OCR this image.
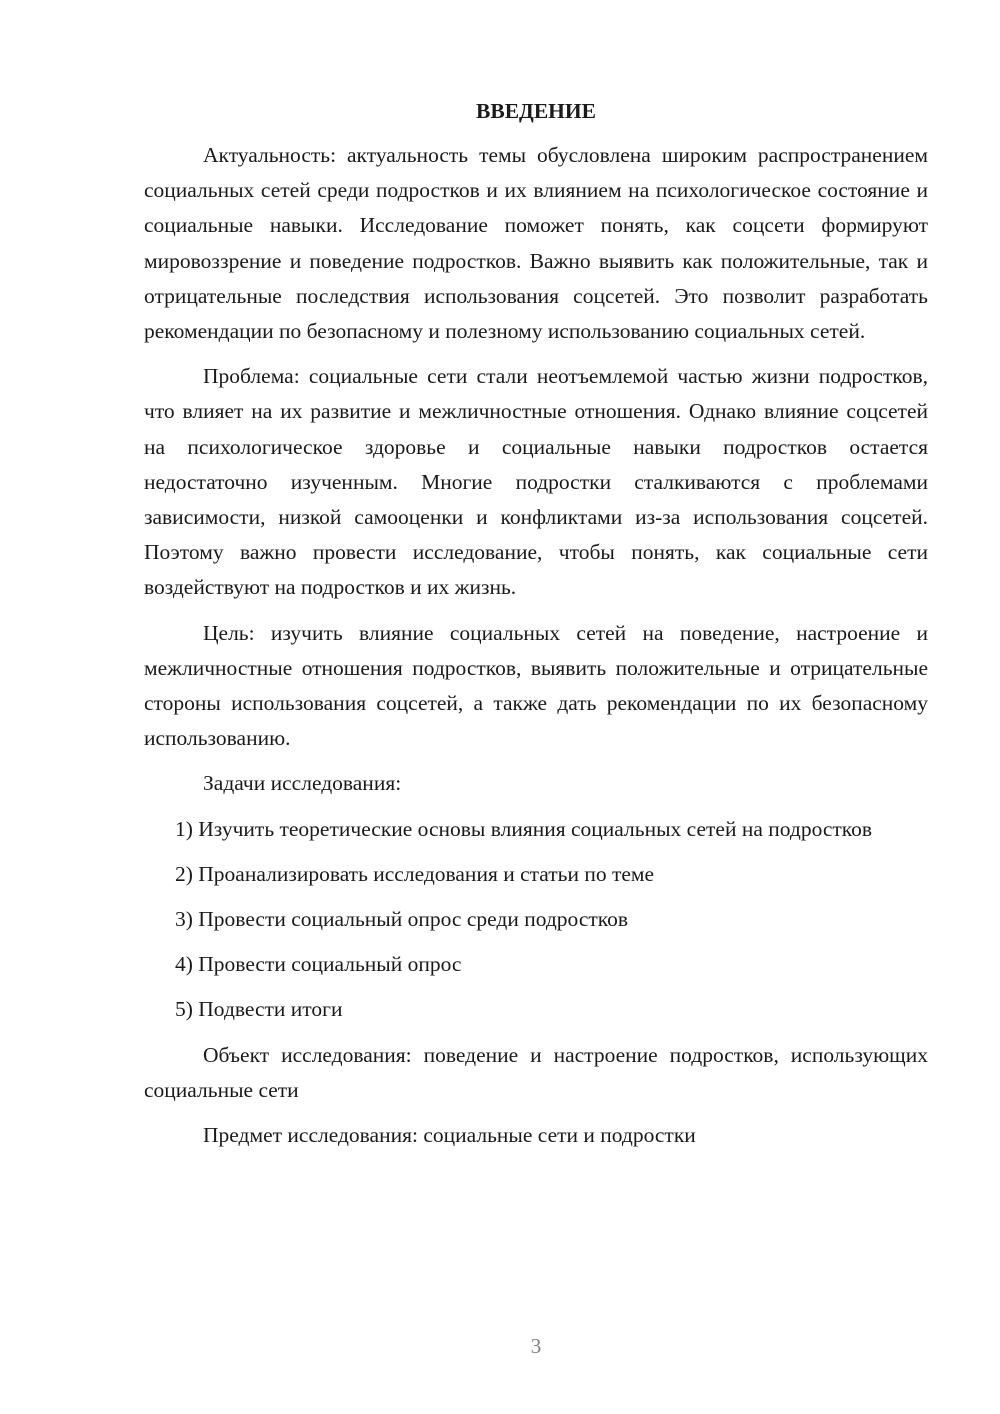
ВВЕДЕНИЕ

Актуальность: актуальность темы обусловлена широким распространением социальных сетей среди подростков и их влиянием на психологическое состояние и социальные навыки. Исследование поможет понять, как соцсети формируют мировоззрение и поведение подростков. Важно выявить как положительные, так и отрицательные последствия использования соцсетей. Это позволит разработать рекомендации по безопасному и полезному использованию социальных сетей.

Проблема: социальные сети стали неотъемлемой частью жизни подростков, что влияет на их развитие и межличностные отношения. Однако влияние соцсетей на психологическое здоровье и социальные навыки подростков остается недостаточно изученным. Многие подростки сталкиваются с проблемами зависимости, низкой самооценки и конфликтами из-за использования соцсетей. Поэтому важно провести исследование, чтобы понять, как социальные сети воздействуют на подростков и их жизнь.

Цель: изучить влияние социальных сетей на поведение, настроение и межличностные отношения подростков, выявить положительные и отрицательные стороны использования соцсетей, а также дать рекомендации по их безопасному использованию.

Задачи исследования:

1) Изучить теоретические основы влияния социальных сетей на подростков

2) Проанализировать исследования и статьи по теме

3) Провести социальный опрос среди подростков

4) Провести социальный опрос

5) Подвести итоги

Объект исследования: поведение и настроение подростков, использующих социальные сети

Предмет исследования: социальные сети и подростки

3
